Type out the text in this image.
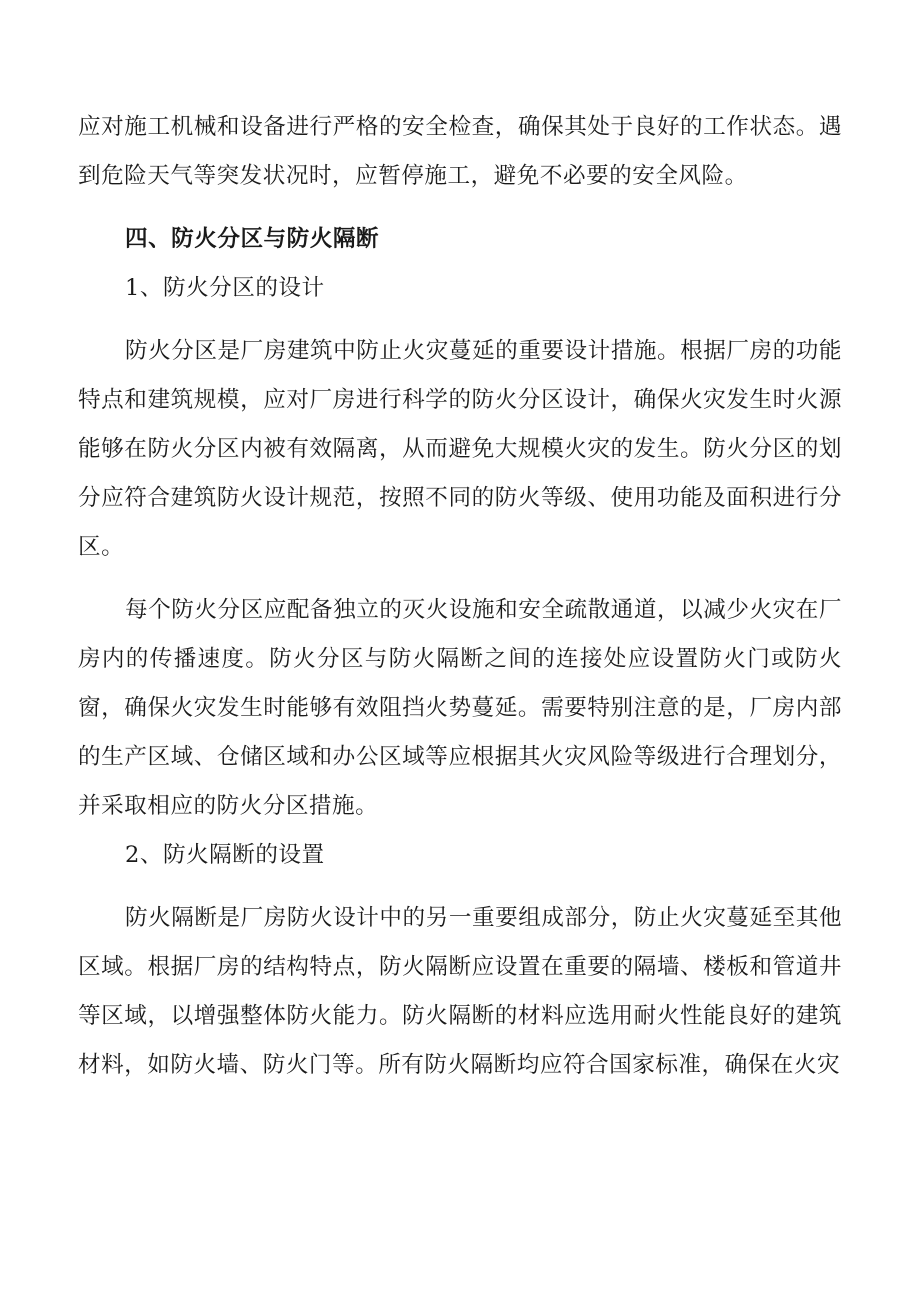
应对施工机械和设备进行严格的安全检查，确保其处于良好的工作状态。遇到危险天气等突发状况时，应暂停施工，避免不必要的安全风险。

四、防火分区与防火隔断

1、防火分区的设计

防火分区是厂房建筑中防止火灾蔓延的重要设计措施。根据厂房的功能特点和建筑规模，应对厂房进行科学的防火分区设计，确保火灾发生时火源能够在防火分区内被有效隔离，从而避免大规模火灾的发生。防火分区的划分应符合建筑防火设计规范，按照不同的防火等级、使用功能及面积进行分区。

每个防火分区应配备独立的灭火设施和安全疏散通道，以减少火灾在厂房内的传播速度。防火分区与防火隔断之间的连接处应设置防火门或防火窗，确保火灾发生时能够有效阻挡火势蔓延。需要特别注意的是，厂房内部的生产区域、仓储区域和办公区域等应根据其火灾风险等级进行合理划分，并采取相应的防火分区措施。

2、防火隔断的设置

防火隔断是厂房防火设计中的另一重要组成部分，防止火灾蔓延至其他区域。根据厂房的结构特点，防火隔断应设置在重要的隔墙、楼板和管道井等区域，以增强整体防火能力。防火隔断的材料应选用耐火性能良好的建筑材料，如防火墙、防火门等。所有防火隔断均应符合国家标准，确保在火灾
